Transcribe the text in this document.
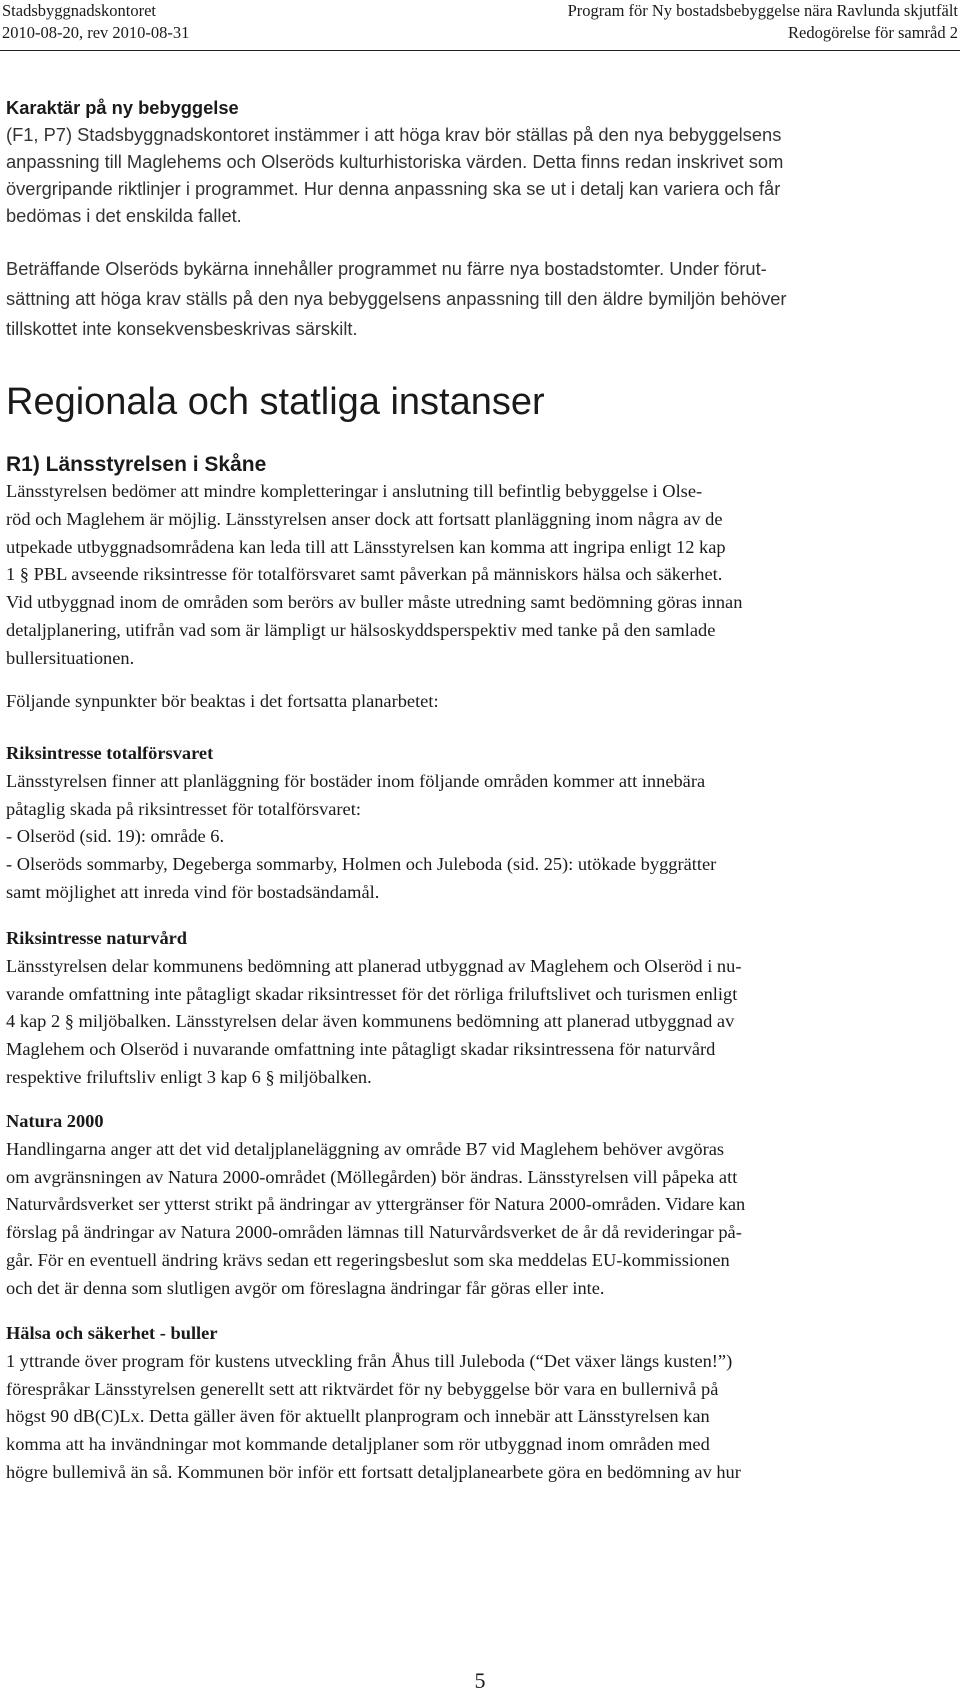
Stadsbyggnadskontoret
2010-08-20, rev 2010-08-31
Program för Ny bostadsbebyggelse nära Ravlunda skjutfält
Redogörelse för samråd 2
Karaktär på ny bebyggelse
(F1, P7) Stadsbyggnadskontoret instämmer i att höga krav bör ställas på den nya bebyggelsens
anpassning till Maglehems och Olseröds kulturhistoriska värden. Detta finns redan inskrivet som
övergripande riktlinjer i programmet. Hur denna anpassning ska se ut i detalj kan variera och får
bedömas i det enskilda fallet.
Beträffande Olseröds bykärna innehåller programmet nu färre nya bostadstomter. Under förut-
sättning att höga krav ställs på den nya bebyggelsens anpassning till den äldre bymiljön behöver
tillskottet inte konsekvensbeskrivas särskilt.
Regionala och statliga instanser
R1) Länsstyrelsen i Skåne
Länsstyrelsen bedömer att mindre kompletteringar i anslutning till befintlig bebyggelse i Olse-
röd och Maglehem är möjlig. Länsstyrelsen anser dock att fortsatt planläggning inom några av de
utpekade utbyggnadsområdena kan leda till att Länsstyrelsen kan komma att ingripa enligt 12 kap
1 § PBL avseende riksintresse för totalförsvaret samt påverkan på människors hälsa och säkerhet.
Vid utbyggnad inom de områden som berörs av buller måste utredning samt bedömning göras innan
detaljplanering, utifrån vad som är lämpligt ur hälsoskyddsperspektiv med tanke på den samlade
bullersituationen.
Följande synpunkter bör beaktas i det fortsatta planarbetet:
Riksintresse totalförsvaret
Länsstyrelsen finner att planläggning för bostäder inom följande områden kommer att innebära
påtaglig skada på riksintresset för totalförsvaret:
- Olseröd (sid. 19): område 6.
- Olseröds sommarby, Degeberga sommarby, Holmen och Juleboda (sid. 25): utökade byggrätter
samt möjlighet att inreda vind för bostadsändamål.
Riksintresse naturvård
Länsstyrelsen delar kommunens bedömning att planerad utbyggnad av Maglehem och Olseröd i nu-
varande omfattning inte påtagligt skadar riksintresset för det rörliga friluftslivet och turismen enligt
4 kap 2 § miljöbalken. Länsstyrelsen delar även kommunens bedömning att planerad utbyggnad av
Maglehem och Olseröd i nuvarande omfattning inte påtagligt skadar riksintressena för naturvård
respektive friluftsliv enligt 3 kap 6 § miljöbalken.
Natura 2000
Handlingarna anger att det vid detaljplaneläggning av område B7 vid Maglehem behöver avgöras
om avgränsningen av Natura 2000-området (Möllegården) bör ändras. Länsstyrelsen vill påpeka att
Naturvårdsverket ser ytterst strikt på ändringar av yttergränser för Natura 2000-områden. Vidare kan
förslag på ändringar av Natura 2000-områden lämnas till Naturvårdsverket de år då revideringar på-
går. För en eventuell ändring krävs sedan ett regeringsbeslut som ska meddelas EU-kommissionen
och det är denna som slutligen avgör om föreslagna ändringar får göras eller inte.
Hälsa och säkerhet - buller
1 yttrande över program för kustens utveckling från Åhus till Juleboda (“Det växer längs kusten!”)
förespråkar Länsstyrelsen generellt sett att riktvärdet för ny bebyggelse bör vara en bullernivå på
högst 90 dB(C)Lx. Detta gäller även för aktuellt planprogram och innebär att Länsstyrelsen kan
komma att ha invändningar mot kommande detaljplaner som rör utbyggnad inom områden med
högre bullemivå än så. Kommunen bör inför ett fortsatt detaljplanearbete göra en bedömning av hur
5
